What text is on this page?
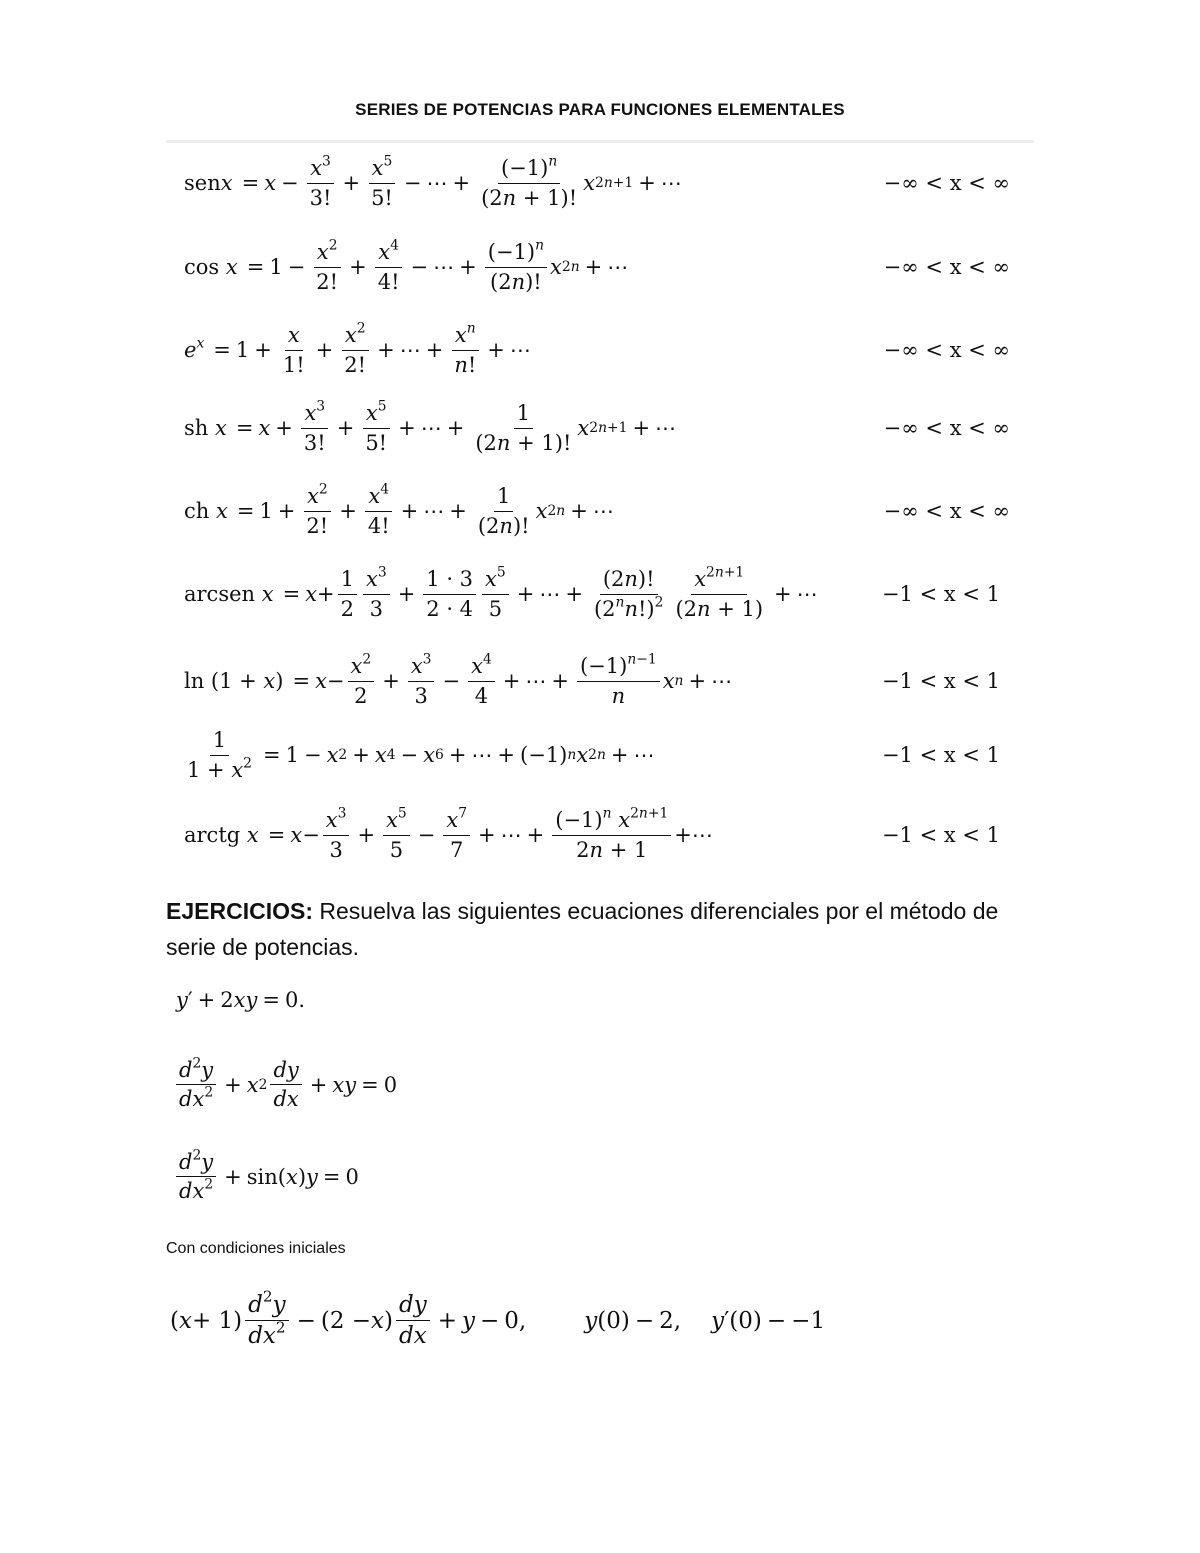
SERIES DE POTENCIAS PARA FUNCIONES ELEMENTALES
senx = $x - \frac{x^3}{3!} + \frac{x^5}{5!}$ − ⋯ + $\frac{(-1)^n}{(2n + 1)!}$ x 2n+1 + ⋯	−∞ < x < ∞
$\cos x = 1 - \frac{x^2}{2!} + \frac{x^4}{4!}$ − ⋯ + $\frac{(-1)^n}{(2n)!}$ x 2n + ⋯	−∞ < x < ∞
$e^x = 1 + \frac{x}{1!} + \frac{x^2}{2!}$ + ⋯ + $\frac{x^n}{n!}$ + ⋯	−∞ < x < ∞
sh $x = x + \frac{x^3}{3!} + \frac{x^5}{5!}$ + ⋯ + $\frac{1}{(2n + 1)!}$ x 2n+1 + ⋯	−∞ < x < ∞
ch $x = 1 + \frac{x^2}{2!} + \frac{x^4}{4!}$ + ⋯ + $\frac{1}{(2n)!}$ x 2n + ⋯	−∞ < x < ∞
arcsen $x = x + \frac{1}{2} \frac{x^3}{3} + \frac{1 \cdot 3}{2 \cdot 4} \frac{x^5}{5}$ + ⋯ + $\frac{(2n)!}{(2^nn!)^2} \frac{x^{2n+1}}{(2n + 1)}$ + ⋯	−1 < x < 1
$\ln (1 + x) = x - \frac{x^2}{2} + \frac{x^3}{3} - \frac{x^4}{4}$ + ⋯ + $\frac{(-1)^{n-1}}{n}$ x n + ⋯	−1 < x < 1
$\frac{1}{1 + x^2} = 1 - x$ 2 + x 4 − x 6 + ⋯ + (−1) n x 2n + ⋯	−1 < x < 1
arctg $x = x - \frac{x^3}{3} + \frac{x^5}{5} - \frac{x^7}{7}$ + ⋯ + $\frac{(-1)^n x^{2n+1}}{2n + 1}$ +⋯	−1 < x < 1
EJERCICIOS: Resuelva las siguientes ecuaciones diferenciales por el método de serie de potencias.
y ′ + 2 xy = 0.
$\frac{d^2y}{dx^2} + x$ $2 \frac{dy}{dx}$ + xy = 0
$\frac{d^2y}{dx^2} + \sin$( x ) y = 0
Con condiciones iniciales
( $x + 1) \frac{d^2y}{dx^2} - (2 - x$ ) $\frac{dy}{dx} + y - 0$,	y (0) − 2, y ′(0) − −1
